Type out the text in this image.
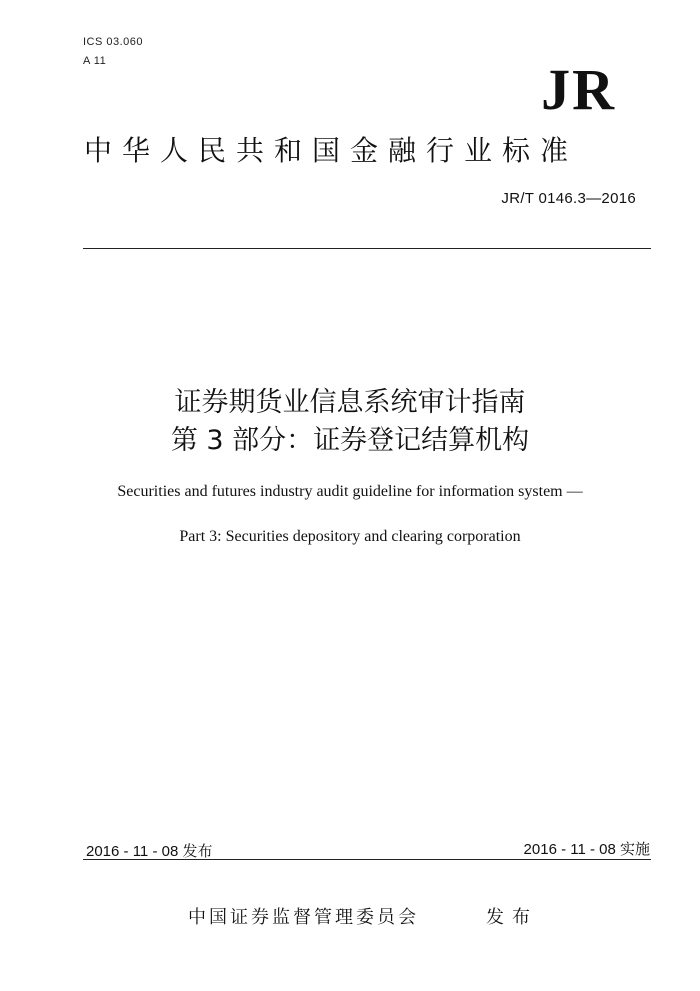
ICS 03.060
A 11	JR
中华人民共和国金融行业标准
JR/T 0146.3—2016
证券期货业信息系统审计指南
第 3 部分：证券登记结算机构
Securities and futures industry audit guideline for information system —
Part 3: Securities depository and clearing corporation
2016 - 11 - 08 发布	2016 - 11 - 08 实施
中国证券监督管理委员会	发布
